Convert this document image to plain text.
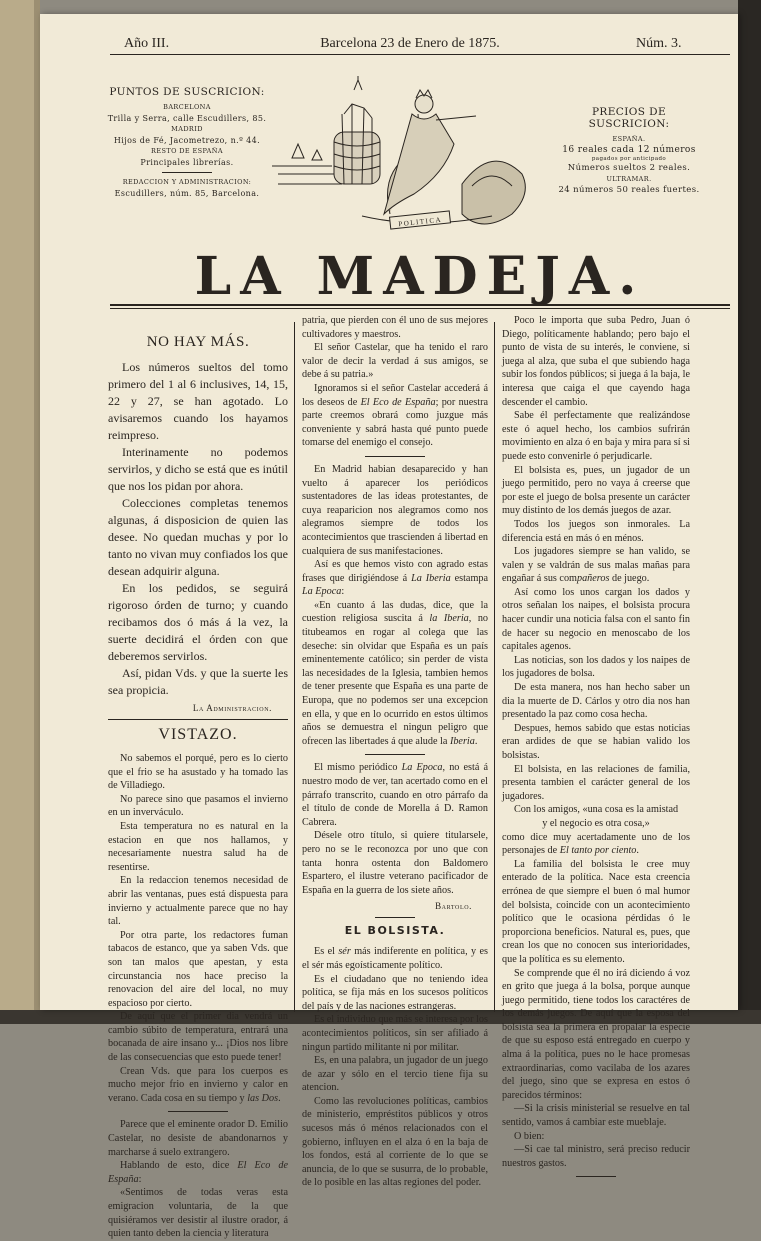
Año III.	Barcelona 23 de Enero de 1875.	Núm. 3.
PUNTOS DE SUSCRICION:
BARCELONA
Trilla y Serra, calle Escudillers, 85.
MADRID
Hijos de Fé, Jacometrezo, n.º 44.
RESTO DE ESPAÑA
Principales librerías.
REDACCION Y ADMINISTRACION:
Escudillers, núm. 85, Barcelona.
POLITICA
PRECIOS DE SUSCRICION:
ESPAÑA.
16 reales cada 12 números
pagados por anticipado
Números sueltos 2 reales.
ULTRAMAR.
24 números 50 reales fuertes.
LA MADEJA.
NO HAY MÁS.

Los números sueltos del tomo primero del 1 al 6 inclusives, 14, 15, 22 y 27, se han agotado. Lo avisaremos cuando los hayamos reimpreso.

Interinamente no podemos servirlos, y dicho se está que es inútil que nos los pidan por ahora.

Colecciones completas tenemos algunas, á disposicion de quien las desee. No quedan muchas y por lo tanto no vivan muy confiados los que desean adquirir alguna.

En los pedidos, se seguirá rigoroso órden de turno; y cuando recibamos dos ó más á la vez, la suerte decidirá el órden con que deberemos servirlos.

Así, pidan Vds. y que la suerte les sea propicia.

La Administracion.
VISTAZO.

No sabemos el porqué, pero es lo cierto que el frio se ha asustado y ha tomado las de Villadiego.

No parece sino que pasamos el invierno en un inverváculo.

Esta temperatura no es natural en la estacion en que nos hallamos, y necesariamente nuestra salud ha de resentirse.

En la redaccion tenemos necesidad de abrir las ventanas, pues está dispuesta para invierno y actualmente parece que no hay tal.

Por otra parte, los redactores fuman tabacos de estanco, que ya saben Vds. que son tan malos que apestan, y esta circunstancia nos hace preciso la renovacion del aire del local, no muy espacioso por cierto.

De aquí que el primer dia vendrá un cambio súbito de temperatura, entrará una bocanada de aire insano y... ¡Dios nos libre de las consecuencias que esto puede tener!

Crean Vds. que para los cuerpos es mucho mejor frio en invierno y calor en verano. Cada cosa en su tiempo y las Dos.

Parece que el eminente orador D. Emilio Castelar, no desiste de abandonarnos y marcharse á suelo extrangero.

Hablando de esto, dice El Eco de España:

«Sentimos de todas veras esta emigracion voluntaria, de la que quisiéramos ver desistir al ilustre orador, á quien tanto deben la ciencia y literatura

patria, que pierden con él uno de sus mejores cultivadores y maestros.

El señor Castelar, que ha tenido el raro valor de decir la verdad á sus amigos, se debe á su patria.»

Ignoramos si el señor Castelar accederá á los deseos de El Eco de España; por nuestra parte creemos obrará como juzgue más conveniente y sabrá hasta qué punto puede tomarse del enemigo el consejo.

En Madrid habian desaparecido y han vuelto á aparecer los periódicos sustentadores de las ideas protestantes, de cuya reaparicion nos alegramos como nos alegramos siempre de todos los acontecimientos que trascienden á libertad en cualquiera de sus manifestaciones.

Así es que hemos visto con agrado estas frases que dirigiéndose á La Iberia estampa La Epoca:

«En cuanto á las dudas, dice, que la cuestion religiosa suscita á la Iberia, no titubeamos en rogar al colega que las deseche: sin olvidar que España es un país eminentemente católico; sin perder de vista las necesidades de la Iglesia, tambien hemos de tener presente que España es una parte de Europa, que no podemos ser una excepcion en ella, y que en lo ocurrido en estos últimos años se demuestra el ningun peligro que ofrecen las libertades á que alude la Iberia.

El mismo periódico La Epoca, no está á nuestro modo de ver, tan acertado como en el párrafo transcrito, cuando en otro párrafo da el título de conde de Morella á D. Ramon Cabrera.

Désele otro título, si quiere titularsele, pero no se le reconozca por uno que con tanta honra ostenta don Baldomero Espartero, el ilustre veterano pacificador de España en la guerra de los siete años.

Bartolo.
EL BOLSISTA.

Es el sér más indiferente en política, y es el sér más egoísticamente político.

Es el ciudadano que no teniendo idea política, se fija más en los sucesos políticos del país y de las naciones estrangeras.

Es el individuo que más se interesa por los acontecimientos políticos, sin ser afiliado á ningun partido militante ni por militar.

Es, en una palabra, un jugador de un juego de azar y sólo en el tercio tiene fija su atencion.

Como las revoluciones políticas, cambios de ministerio, empréstitos públicos y otros sucesos más ó ménos relacionados con el gobierno, influyen en el alza ó en la baja de los fondos, está al corriente de lo que se anuncia, de lo que se susurra, de lo probable, de lo posible en las altas regiones del poder.

Poco le importa que suba Pedro, Juan ó Diego, políticamente hablando; pero bajo el punto de vista de su interés, le conviene, si juega al alza, que suba el que subiendo haga subir los fondos públicos; si juega á la baja, le interesa que caiga el que cayendo haga descender el cambio.

Sabe él perfectamente que realizándose este ó aquel hecho, los cambios sufrirán movimiento en alza ó en baja y mira para sí si puede esto convenirle ó perjudicarle.

El bolsista es, pues, un jugador de un juego permitido, pero no vaya á creerse que por este el juego de bolsa presente un carácter muy distinto de los demás juegos de azar.

Todos los juegos son inmorales. La diferencia está en más ó en ménos.

Los jugadores siempre se han valido, se valen y se valdrán de sus malas mañas para engañar á sus compañeros de juego.

Así como los unos cargan los dados y otros señalan los naipes, el bolsista procura hacer cundir una noticia falsa con el santo fin de hacer su negocio en menoscabo de los capitales agenos.

Las noticias, son los dados y los naipes de los jugadores de bolsa.

De esta manera, nos han hecho saber un dia la muerte de D. Cárlos y otro dia nos han presentado la paz como cosa hecha.

Despues, hemos sabido que estas noticias eran ardides de que se habian valido los bolsistas.

El bolsista, en las relaciones de familia, presenta tambien el carácter general de los jugadores.

Con los amigos, «una cosa es la amistad

y el negocio es otra cosa,»

como dice muy acertadamente uno de los personajes de El tanto por ciento.

La familia del bolsista le cree muy enterado de la política. Nace esta creencia errónea de que siempre el buen ó mal humor del bolsista, coincide con un acontecimiento político que le ocasiona pérdidas ó le proporciona beneficios. Natural es, pues, que crean los que no conocen sus interioridades, que la política es su elemento.

Se comprende que él no irá diciendo á voz en grito que juega á la bolsa, porque aunque juego permitido, tiene todos los caractéres de los demás juegos. De aquí que la esposa del bolsista sea la primera en propalar la especie de que su esposo está entregado en cuerpo y alma á la política, pues no le hace promesas extraordinarias, como vacilaba de los azares del juego, sino que se expresa en estos ó parecidos términos:

—Si la crisis ministerial se resuelve en tal sentido, vamos á cambiar este mueblaje.

O bien:

—Si cae tal ministro, será preciso reducir nuestros gastos.
